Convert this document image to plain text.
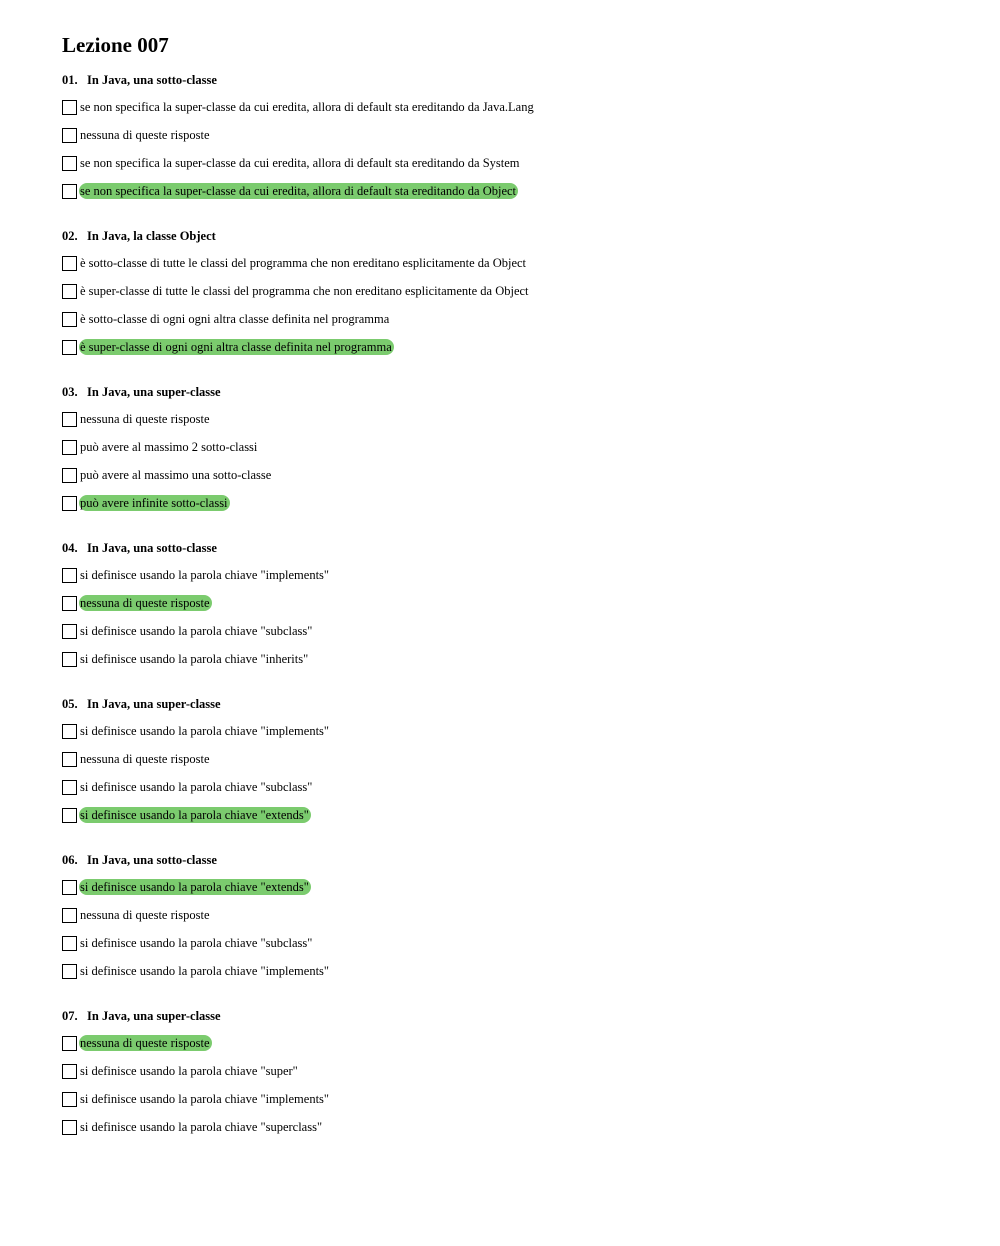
Lezione 007
01. In Java, una sotto-classe
se non specifica la super-classe da cui eredita, allora di default sta ereditando da Java.Lang
nessuna di queste risposte
se non specifica la super-classe da cui eredita, allora di default sta ereditando da System
se non specifica la super-classe da cui eredita, allora di default sta ereditando da Object
02. In Java, la classe Object
è sotto-classe di tutte le classi del programma che non ereditano esplicitamente da Object
è super-classe di tutte le classi del programma che non ereditano esplicitamente da Object
è sotto-classe di ogni ogni altra classe definita nel programma
è super-classe di ogni ogni altra classe definita nel programma
03. In Java, una super-classe
nessuna di queste risposte
può avere al massimo 2 sotto-classi
può avere al massimo una sotto-classe
può avere infinite sotto-classi
04. In Java, una sotto-classe
si definisce usando la parola chiave "implements"
nessuna di queste risposte
si definisce usando la parola chiave "subclass"
si definisce usando la parola chiave "inherits"
05. In Java, una super-classe
si definisce usando la parola chiave "implements"
nessuna di queste risposte
si definisce usando la parola chiave "subclass"
si definisce usando la parola chiave "extends"
06. In Java, una sotto-classe
si definisce usando la parola chiave "extends"
nessuna di queste risposte
si definisce usando la parola chiave "subclass"
si definisce usando la parola chiave "implements"
07. In Java, una super-classe
nessuna di queste risposte
si definisce usando la parola chiave "super"
si definisce usando la parola chiave "implements"
si definisce usando la parola chiave "superclass"
